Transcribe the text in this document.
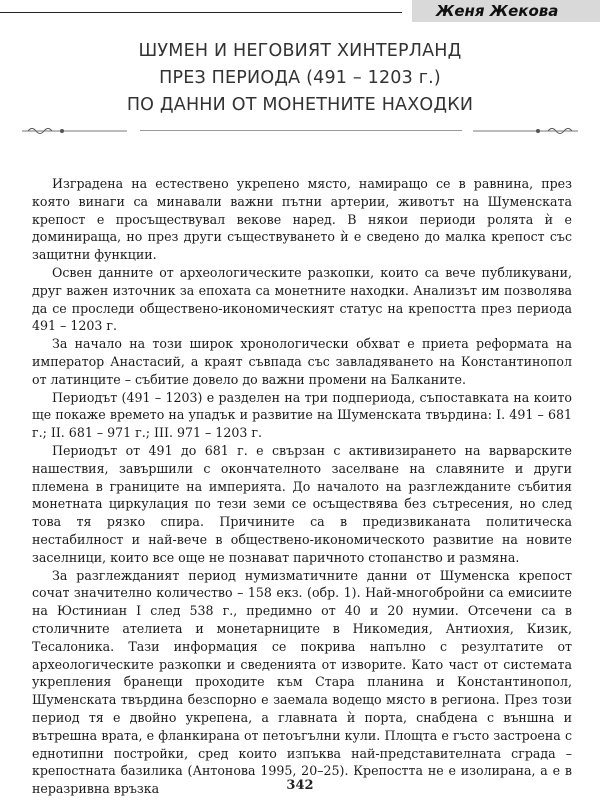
Женя Жекова
ШУМЕН И НЕГОВИЯТ ХИНТЕРЛАНД
ПРЕЗ ПЕРИОДА (491 – 1203 г.)
ПО ДАННИ ОТ МОНЕТНИТЕ НАХОДКИ

Изградена на естествено укрепено място, намиращо се в равнина, през която винаги са минавали важни пътни артерии, животът на Шуменската крепост е просъществувал векове наред. В някои периоди ролята ѝ е доминираща, но през други съществуването ѝ е сведено до малка крепост със защитни функции.

Освен данните от археологическите разкопки, които са вече публикувани, друг важен източник за епохата са монетните находки. Анализът им позволява да се проследи обществено-икономическият статус на крепостта през периода 491 – 1203 г.

За начало на този широк хронологически обхват е приета реформата на император Анастасий, а краят съвпада със завладяването на Константинопол от латинците – събитие довело до важни промени на Балканите.

Периодът (491 – 1203) е разделен на три подпериода, съпоставката на които ще покаже времето на упадък и развитие на Шуменската твърдина: І. 491 – 681 г.; ІІ. 681 – 971 г.; ІІІ. 971 – 1203 г.

Периодът от 491 до 681 г. е свързан с активизирането на варварските нашествия, завършили с окончателното заселване на славяните и други племена в границите на империята. До началото на разглежданите събития монетната циркулация по тези земи се осъществява без сътресения, но след това тя рязко спира. Причините са в предизвиканата политическа нестабилност и най-вече в обществено-икономическото развитие на новите заселници, които все още не познават паричното стопанство и размяна.

За разглежданият период нумизматичните данни от Шуменска крепост сочат значително количество – 158 екз. (обр. 1). Най-многобройни са емисиите на Юстиниан I след 538 г., предимно от 40 и 20 нумии. Отсечени са в столичните ателиета и монетарниците в Никомедия, Антиохия, Кизик, Тесалоника. Тази информация се покрива напълно с резултатите от археологическите разкопки и сведенията от изворите. Като част от системата укрепления бранещи проходите към Стара планина и Константинопол, Шуменската твърдина безспорно е заемала водещо място в региона. През този период тя е двойно укрепена, а главната ѝ порта, снабдена с външна и вътрешна врата, е фланкирана от петоъгълни кули. Площта е гъсто застроена с еднотипни постройки, сред които изпъква най-представителната сграда – крепостната базилика (Антонова 1995, 20–25). Крепостта не е изолирана, а е в неразривна връзка	342
